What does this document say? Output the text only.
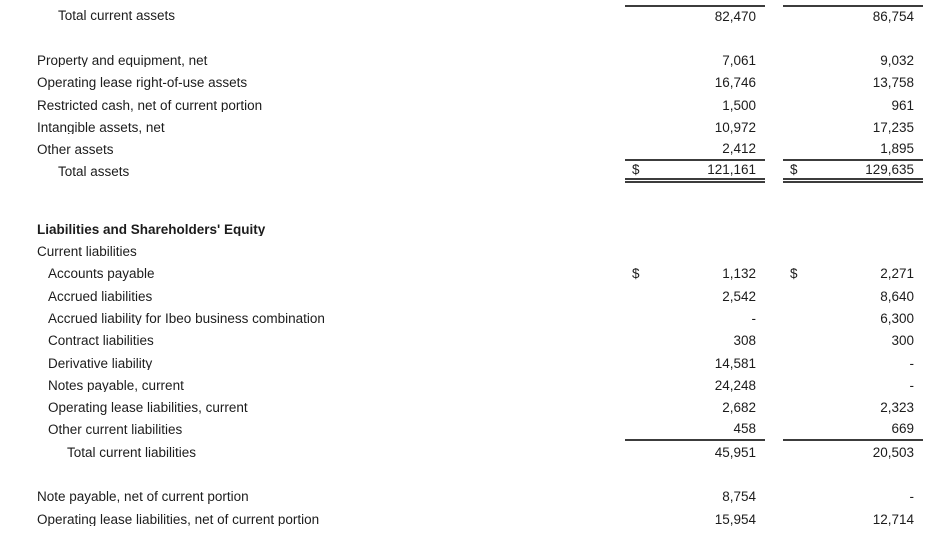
Total current assets	82,470	86,754
Property and equipment, net	7,061	9,032
Operating lease right-of-use assets	16,746	13,758
Restricted cash, net of current portion	1,500	961
Intangible assets, net	10,972	17,235
Other assets	2,412	1,895
Total assets	$	121,161	$	129,635
Liabilities and Shareholders' Equity
Current liabilities
Accounts payable	$	1,132	$	2,271
Accrued liabilities	2,542	8,640
Accrued liability for Ibeo business combination	-	6,300
Contract liabilities	308	300
Derivative liability	14,581	-
Notes payable, current	24,248	-
Operating lease liabilities, current	2,682	2,323
Other current liabilities	458	669
Total current liabilities	45,951	20,503
Note payable, net of current portion	8,754	-
Operating lease liabilities, net of current portion	15,954	12,714
